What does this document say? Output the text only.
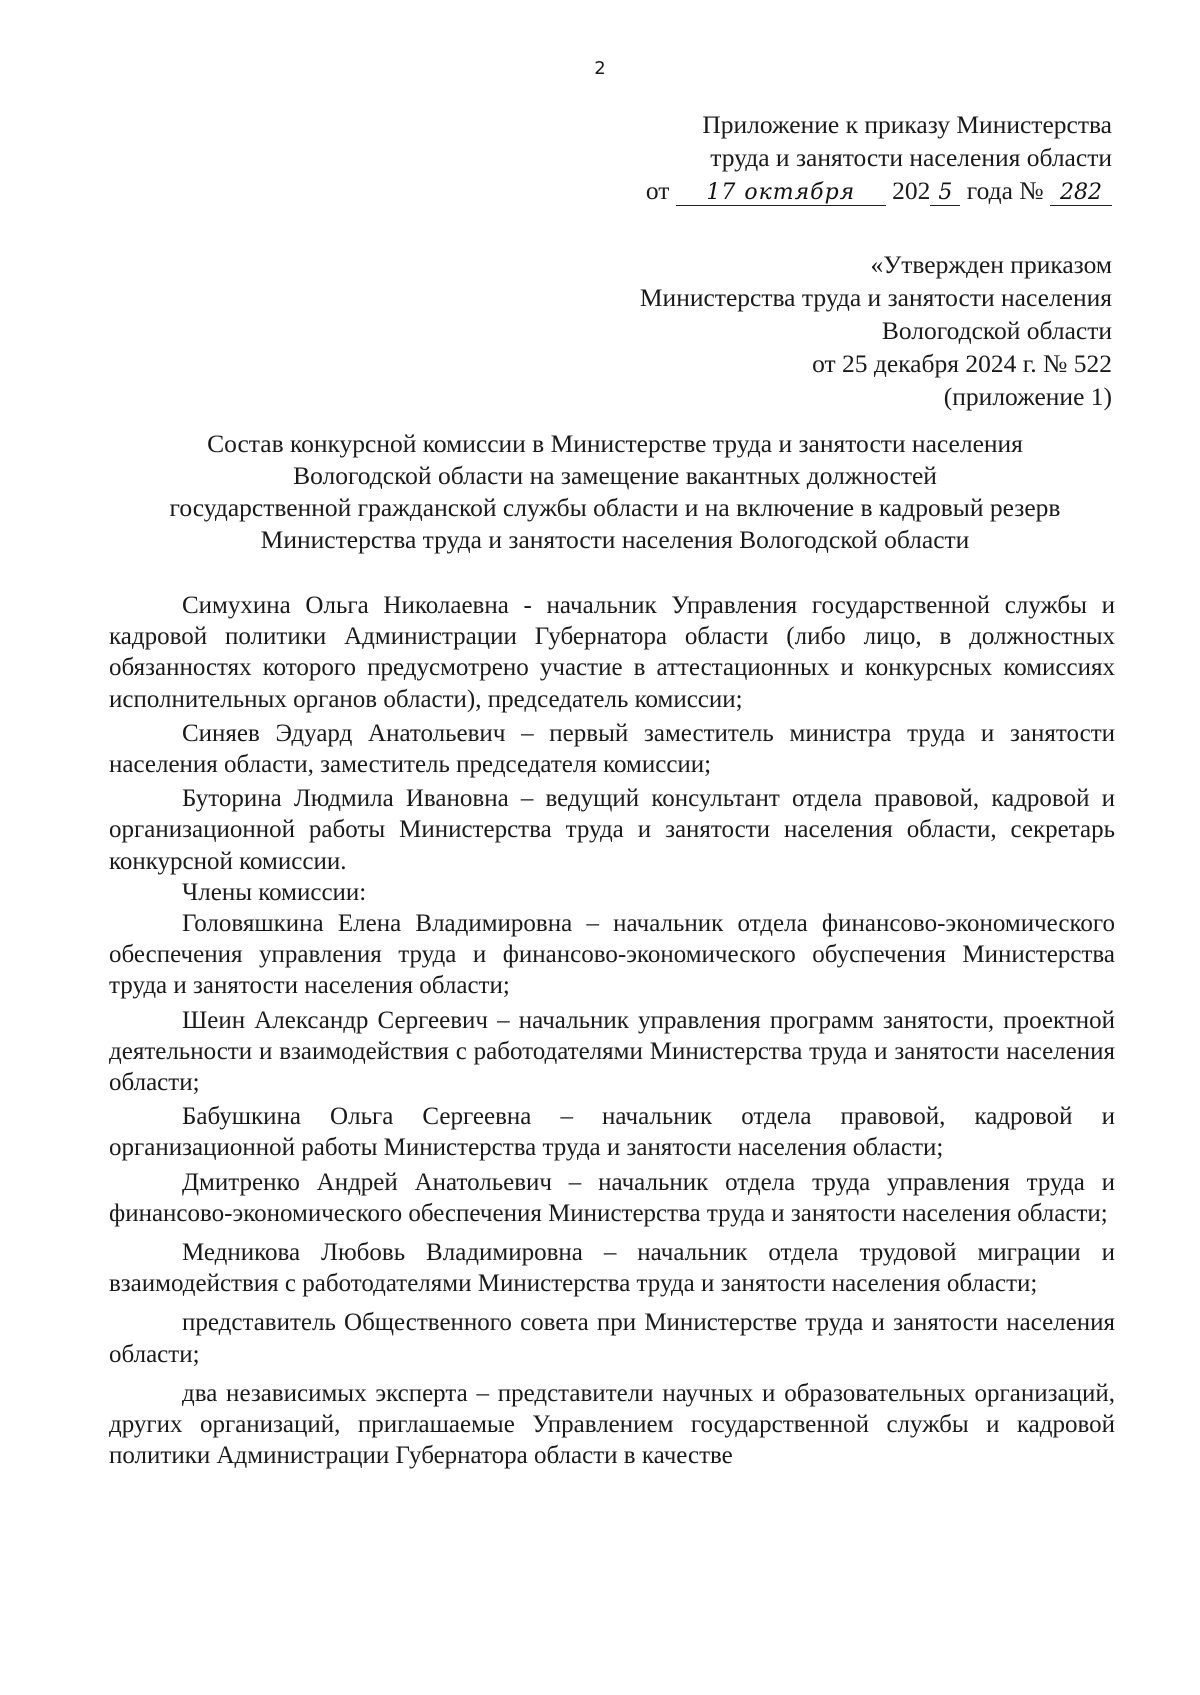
2
Приложение к приказу Министерства
труда и занятости населения области
от 17 октября 202 5 года № 282
«Утвержден приказом
Министерства труда и занятости населения
Вологодской области
от 25 декабря 2024 г. № 522
(приложение 1)
Состав конкурсной комиссии в Министерстве труда и занятости населения
Вологодской области на замещение вакантных должностей
государственной гражданской службы области и на включение в кадровый резерв
Министерства труда и занятости населения Вологодской области

Симухина Ольга Николаевна - начальник Управления государственной службы и кадровой политики Администрации Губернатора области (либо лицо, в должностных обязанностях которого предусмотрено участие в аттестационных и конкурсных комиссиях исполнительных органов области), председатель комиссии;

Синяев Эдуард Анатольевич – первый заместитель министра труда и занятости населения области, заместитель председателя комиссии;

Буторина Людмила Ивановна – ведущий консультант отдела правовой, кадровой и организационной работы Министерства труда и занятости населения области, секретарь конкурсной комиссии.

Члены комиссии:

Головяшкина Елена Владимировна – начальник отдела финансово-экономического обеспечения управления труда и финансово-экономического обуспечения Министерства труда и занятости населения области;

Шеин Александр Сергеевич – начальник управления программ занятости, проектной деятельности и взаимодействия с работодателями Министерства труда и занятости населения области;

Бабушкина Ольга Сергеевна – начальник отдела правовой, кадровой и организационной работы Министерства труда и занятости населения области;

Дмитренко Андрей Анатольевич – начальник отдела труда управления труда и финансово-экономического обеспечения Министерства труда и занятости населения области;

Медникова Любовь Владимировна – начальник отдела трудовой миграции и взаимодействия с работодателями Министерства труда и занятости населения области;

представитель Общественного совета при Министерстве труда и занятости населения области;

два независимых эксперта – представители научных и образовательных организаций, других организаций, приглашаемые Управлением государственной службы и кадровой политики Администрации Губернатора области в качестве
